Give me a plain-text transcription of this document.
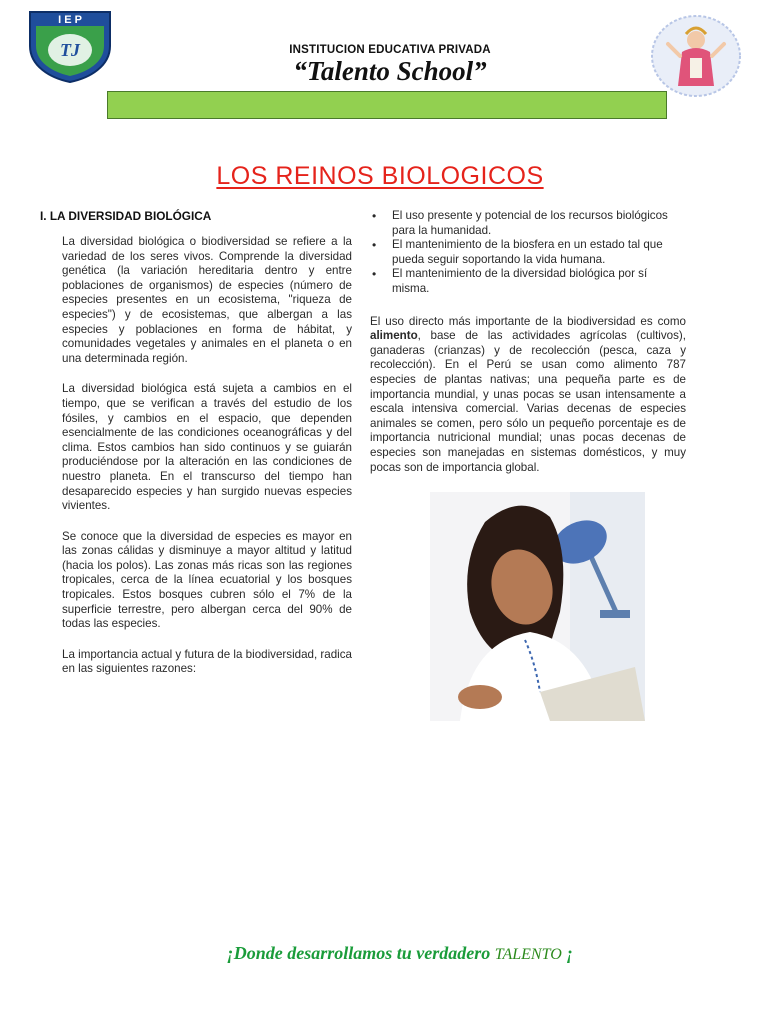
TJ
I E P
INSTITUCION EDUCATIVA PRIVADA
“Talento School”
LOS REINOS BIOLOGICOS
I. LA DIVERSIDAD BIOLÓGICA

La diversidad biológica o biodiversidad se refiere a la variedad de los seres vivos. Comprende la diversidad genética (la variación hereditaria dentro y entre poblaciones de organismos) de especies (número de especies presentes en un ecosistema, "riqueza de especies") y de ecosistemas, que albergan a las especies y poblaciones en forma de hábitat, y comunidades vegetales y animales en el planeta o en una determinada región.

La diversidad biológica está sujeta a cambios en el tiempo, que se verifican a través del estudio de los fósiles, y cambios en el espacio, que dependen esencialmente de las condiciones oceanográficas y del clima. Estos cambios han sido continuos y se guiarán produciéndose por la alteración en las condiciones de nuestro planeta. En el transcurso del tiempo han desaparecido especies y han surgido nuevas especies vivientes.

Se conoce que la diversidad de especies es mayor en las zonas cálidas y disminuye a mayor altitud y latitud (hacia los polos). Las zonas más ricas son las regiones tropicales, cerca de la línea ecuatorial y los bosques tropicales. Estos bosques cubren sólo el 7% de la superficie terrestre, pero albergan cerca del 90% de todas las especies.

La importancia actual y futura de la biodiversidad, radica en las siguientes razones:

• El uso presente y potencial de los recursos biológicos para la humanidad.
• El mantenimiento de la biosfera en un estado tal que pueda seguir soportando la vida humana.
• El mantenimiento de la diversidad biológica por sí misma.

El uso directo más importante de la biodiversidad es como alimento, base de las actividades agrícolas (cultivos), ganaderas (crianzas) y de recolección (pesca, caza y recolección). En el Perú se usan como alimento 787 especies de plantas nativas; una pequeña parte es de importancia mundial, y unas pocas se usan intensamente a escala intensiva comercial. Varias decenas de especies animales se comen, pero sólo un pequeño porcentaje es de importancia nutricional mundial; unas pocas decenas de especies son manejadas en sistemas domésticos, y muy pocas son de importancia global.

¡Donde desarrollamos tu verdadero TALENTO ¡
